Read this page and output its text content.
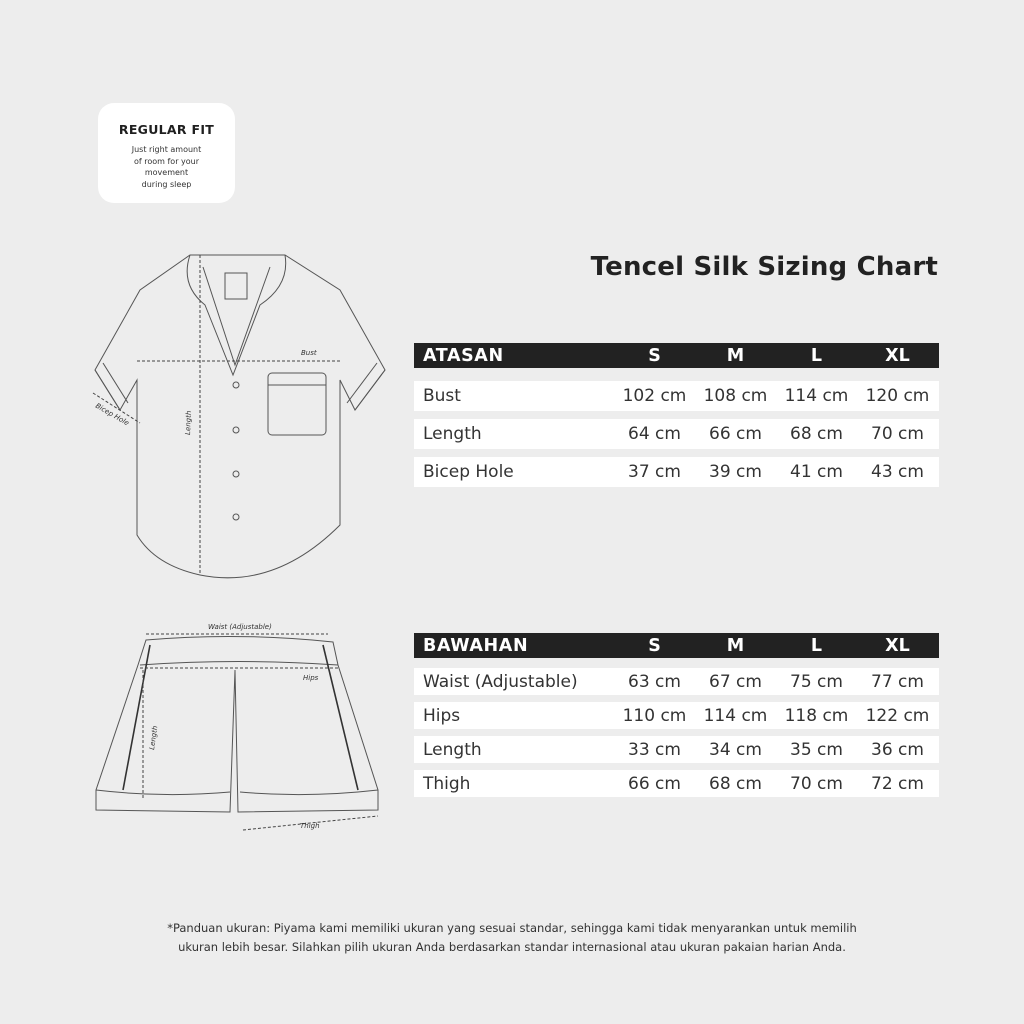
REGULAR FIT
Just right amount
of room for your
movement
during sleep
Tencel Silk Sizing Chart
Bust
Length
Bicep Hole
Waist (Adjustable)
Hips
Length
Thigh
ATASAN	S	M	L	XL
Bust	102 cm	108 cm	114 cm	120 cm
Length	64 cm	66 cm	68 cm	70 cm
Bicep Hole	37 cm	39 cm	41 cm	43 cm
BAWAHAN	S	M	L	XL
Waist (Adjustable)	63 cm	67 cm	75 cm	77 cm
Hips	110 cm	114 cm	118 cm	122 cm
Length	33 cm	34 cm	35 cm	36 cm
Thigh	66 cm	68 cm	70 cm	72 cm
*Panduan ukuran: Piyama kami memiliki ukuran yang sesuai standar, sehingga kami tidak menyarankan untuk memilih
ukuran lebih besar. Silahkan pilih ukuran Anda berdasarkan standar internasional atau ukuran pakaian harian Anda.
